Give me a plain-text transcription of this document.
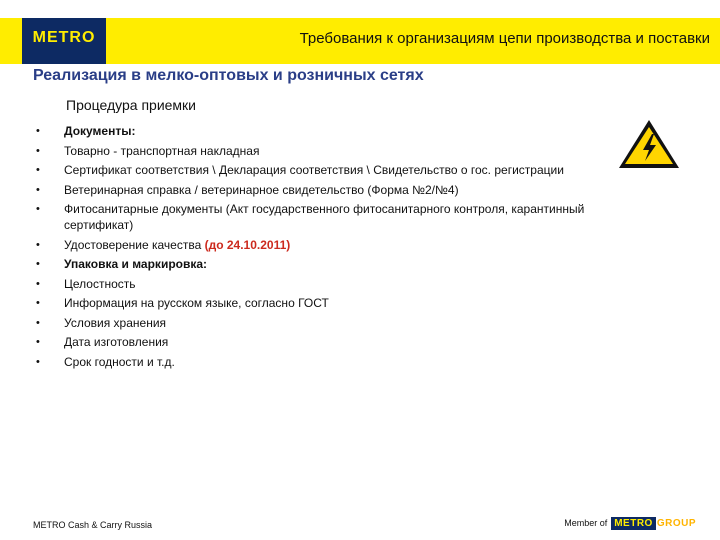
METRO	Требования к организациям цепи производства и поставки
Реализация в мелко-оптовых и розничных сетях
Процедура приемки
• Документы:
• Товарно - транспортная накладная
• Сертификат соответствия \ Декларация соответствия \ Свидетельство о гос. регистрации
• Ветеринарная справка / ветеринарное свидетельство (Форма №2/№4)
• Фитосанитарные документы (Акт государственного фитосанитарного контроля, карантинный сертификат)
• Удостоверение качества (до 24.10.2011)
• Упаковка и маркировка:
• Целостность
• Информация на русском языке, согласно ГОСТ
• Условия хранения
• Дата изготовления
• Срок годности и т.д.
METRO Cash & Carry Russia	Member of METRO GROUP
